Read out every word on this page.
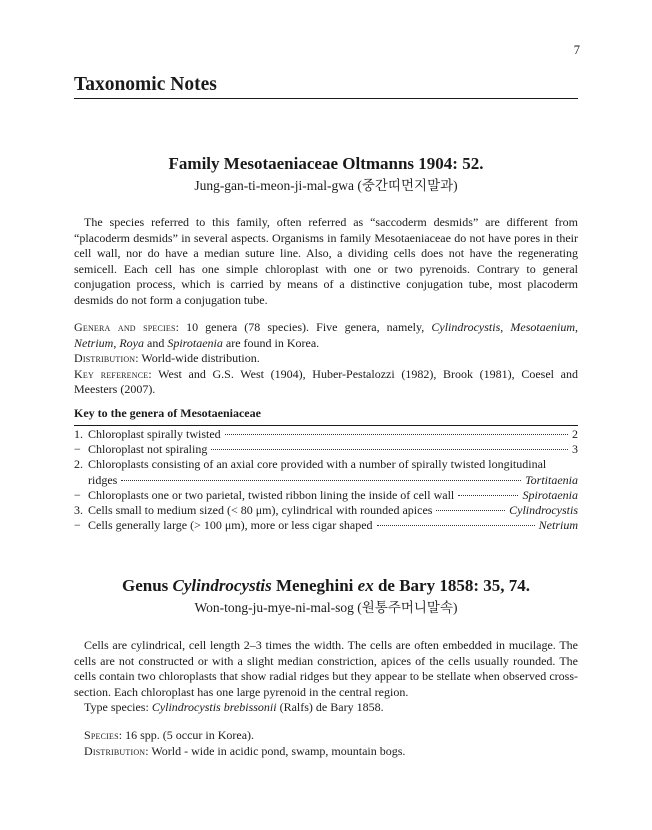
7
Taxonomic Notes
Family Mesotaeniaceae Oltmanns 1904: 52.

Jung-gan-ti-meon-ji-mal-gwa (중간띠먼지말과)

The species referred to this family, often referred as “saccoderm desmids” are different from “placoderm desmids” in several aspects. Organisms in family Mesotaeniaceae do not have pores in their cell wall, nor do have a median suture line. Also, a dividing cells does not have the regenerating semicell. Each cell has one simple chloroplast with one or two pyrenoids. Contrary to general conjugation process, which is carried by means of a distinctive conjugation tube, most placoderm desmids do not form a conjugation tube.

Genera and species: 10 genera (78 species). Five genera, namely, Cylindrocystis, Mesotaenium, Netrium, Roya and Spirotaenia are found in Korea.

Distribution: World-wide distribution.

Key reference: West and G.S. West (1904), Huber-Pestalozzi (1982), Brook (1981), Coesel and Meesters (2007).

Key to the genera of Mesotaeniaceae

1. Chloroplast spirally twisted	2
− Chloroplast not spiraling	3
2. Chloroplasts consisting of an axial core provided with a number of spirally twisted longitudinal
ridges	Tortitaenia
− Chloroplasts one or two parietal, twisted ribbon lining the inside of cell wall	Spirotaenia
3. Cells small to medium sized (< 80 μm), cylindrical with rounded apices	Cylindrocystis
− Cells generally large (> 100 μm), more or less cigar shaped	Netrium
Genus Cylindrocystis Meneghini ex de Bary 1858: 35, 74.

Won-tong-ju-mye-ni-mal-sog (원통주머니말속)

Cells are cylindrical, cell length 2–3 times the width. The cells are often embedded in mucilage. The cells are not constructed or with a slight median constriction, apices of the cells usually rounded. The cells contain two chloroplasts that show radial ridges but they appear to be stellate when observed cross-section. Each chloroplast has one large pyrenoid in the central region.

Type species: Cylindrocystis brebissonii (Ralfs) de Bary 1858.

Species: 16 spp. (5 occur in Korea).

Distribution: World - wide in acidic pond, swamp, mountain bogs.
